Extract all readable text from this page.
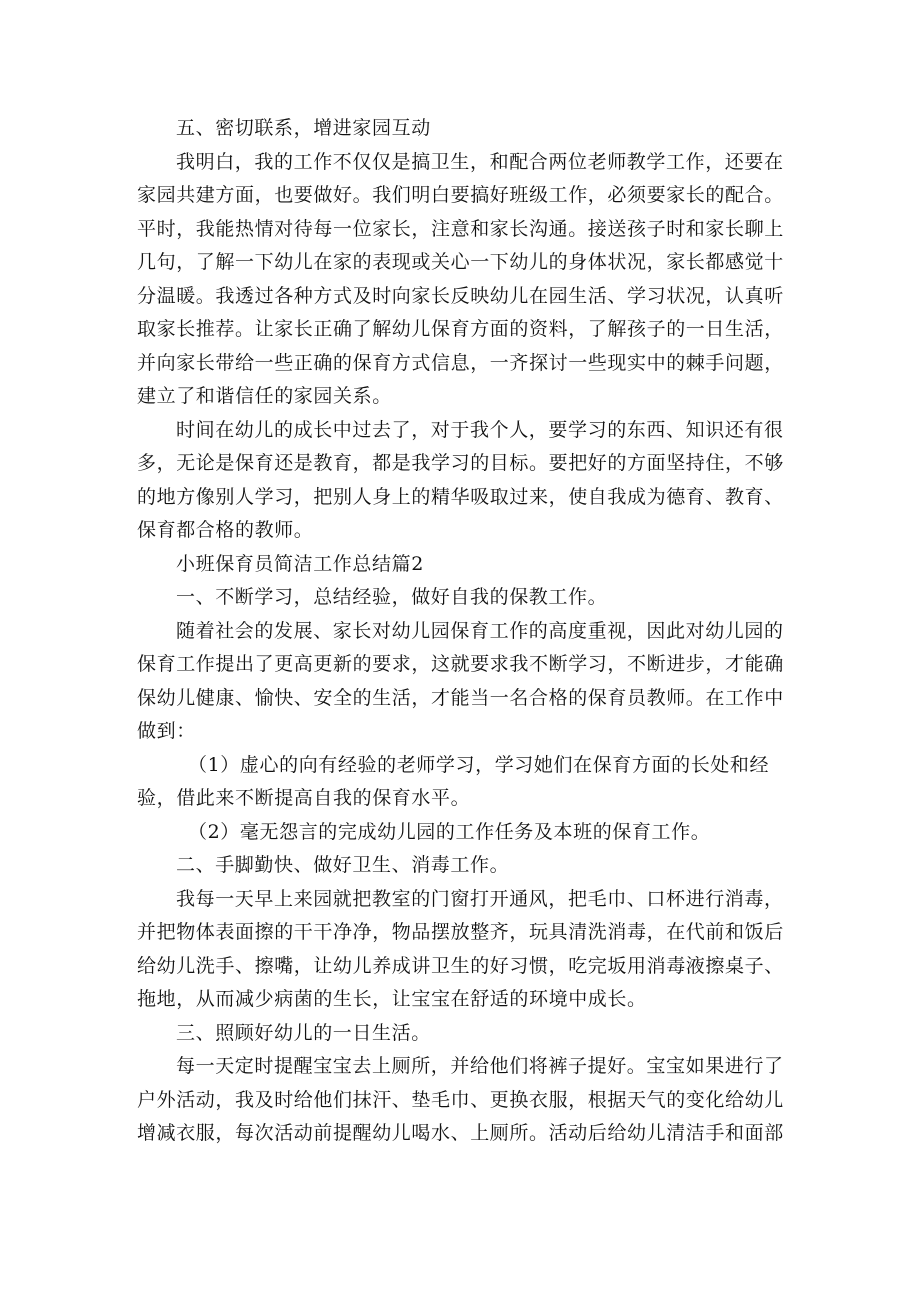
五、密切联系，增进家园互动
我明白，我的工作不仅仅是搞卫生，和配合两位老师教学工作，还要在
家园共建方面，也要做好。我们明白要搞好班级工作，必须要家长的配合。
平时，我能热情对待每一位家长，注意和家长沟通。接送孩子时和家长聊上
几句，了解一下幼儿在家的表现或关心一下幼儿的身体状况，家长都感觉十
分温暖。我透过各种方式及时向家长反映幼儿在园生活、学习状况，认真听
取家长推荐。让家长正确了解幼儿保育方面的资料，了解孩子的一日生活，
并向家长带给一些正确的保育方式信息，一齐探讨一些现实中的棘手问题，
建立了和谐信任的家园关系。
时间在幼儿的成长中过去了，对于我个人，要学习的东西、知识还有很
多，无论是保育还是教育，都是我学习的目标。要把好的方面坚持住，不够
的地方像别人学习，把别人身上的精华吸取过来，使自我成为德育、教育、
保育都合格的教师。
小班保育员简洁工作总结篇2
一、不断学习，总结经验，做好自我的保教工作。
随着社会的发展、家长对幼儿园保育工作的高度重视，因此对幼儿园的
保育工作提出了更高更新的要求，这就要求我不断学习，不断进步，才能确
保幼儿健康、愉快、安全的生活，才能当一名合格的保育员教师。在工作中
做到：
（1）虚心的向有经验的老师学习，学习她们在保育方面的长处和经
验，借此来不断提高自我的保育水平。
（2）毫无怨言的完成幼儿园的工作任务及本班的保育工作。
二、手脚勤快、做好卫生、消毒工作。
我每一天早上来园就把教室的门窗打开通风，把毛巾、口杯进行消毒，
并把物体表面擦的干干净净，物品摆放整齐，玩具清洗消毒，在代前和饭后
给幼儿洗手、擦嘴，让幼儿养成讲卫生的好习惯，吃完坂用消毒液擦桌子、
拖地，从而减少病菌的生长，让宝宝在舒适的环境中成长。
三、照顾好幼儿的一日生活。
每一天定时提醒宝宝去上厕所，并给他们将裤子提好。宝宝如果进行了
户外活动，我及时给他们抹汗、垫毛巾、更换衣服，根据天气的变化给幼儿
增减衣服，每次活动前提醒幼儿喝水、上厕所。活动后给幼儿清洁手和面部
